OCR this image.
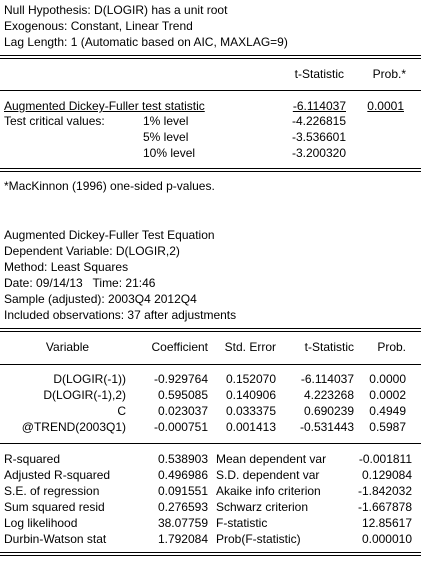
Null Hypothesis: D(LOGIR) has a unit root
Exogenous: Constant, Linear Trend
Lag Length: 1 (Automatic based on AIC, MAXLAG=9)
t-Statistic	Prob.*
Augmented Dickey-Fuller test statistic	-6.114037	0.0001
Test critical values:	1% level	-4.226815
5% level	-3.536601
10% level	-3.200320
*MacKinnon (1996) one-sided p-values.
Augmented Dickey-Fuller Test Equation
Dependent Variable: D(LOGIR,2)
Method: Least Squares
Date: 09/14/13   Time: 21:46
Sample (adjusted): 2003Q4 2012Q4
Included observations: 37 after adjustments
Variable	Coefficient	Std. Error	t-Statistic	Prob.
D(LOGIR(-1))	-0.929764	0.152070	-6.114037	0.0000
D(LOGIR(-1),2)	0.595085	0.140906	4.223268	0.0002
C	0.023037	0.033375	0.690239	0.4949
@TREND(2003Q1)	-0.000751	0.001413	-0.531443	0.5987
R-squared	0.538903 Mean dependent var	-0.001811
Adjusted R-squared	0.496986 S.D. dependent var	0.129084
S.E. of regression	0.091551 Akaike info criterion	-1.842032
Sum squared resid	0.276593 Schwarz criterion	-1.667878
Log likelihood	38.07759 F-statistic	12.85617
Durbin-Watson stat	1.792084 Prob(F-statistic)	0.000010
